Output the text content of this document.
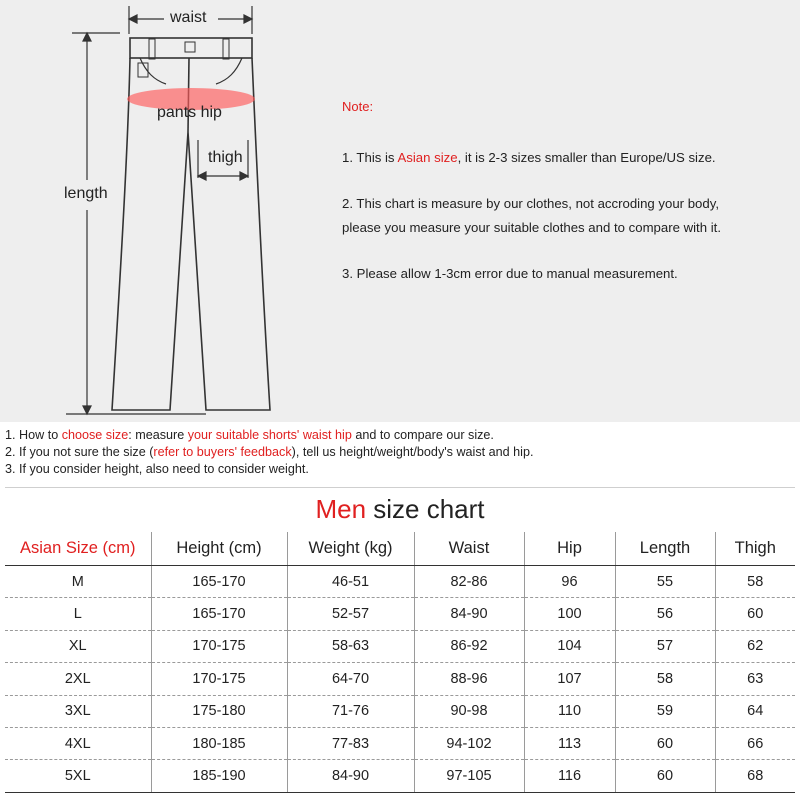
waist
pants hip
thigh
length
Note:
1. This is Asian size, it is 2-3 sizes smaller than Europe/US size.
2. This chart is measure by our clothes, not accroding your body,
please you measure your suitable clothes and to compare with it.
3. Please allow 1-3cm error due to manual measurement.
1. How to choose size: measure your suitable shorts' waist hip and to compare our size.
2. If you not sure the size (refer to buyers' feedback), tell us height/weight/body's waist and hip.
3. If you consider height, also need to consider weight.
Men size chart
Asian Size (cm)	Height (cm)	Weight (kg)	Waist	Hip	Length	Thigh
M	165-170	46-51	82-86	96	55	58
L	165-170	52-57	84-90	100	56	60
XL	170-175	58-63	86-92	104	57	62
2XL	170-175	64-70	88-96	107	58	63
3XL	175-180	71-76	90-98	110	59	64
4XL	180-185	77-83	94-102	113	60	66
5XL	185-190	84-90	97-105	116	60	68
